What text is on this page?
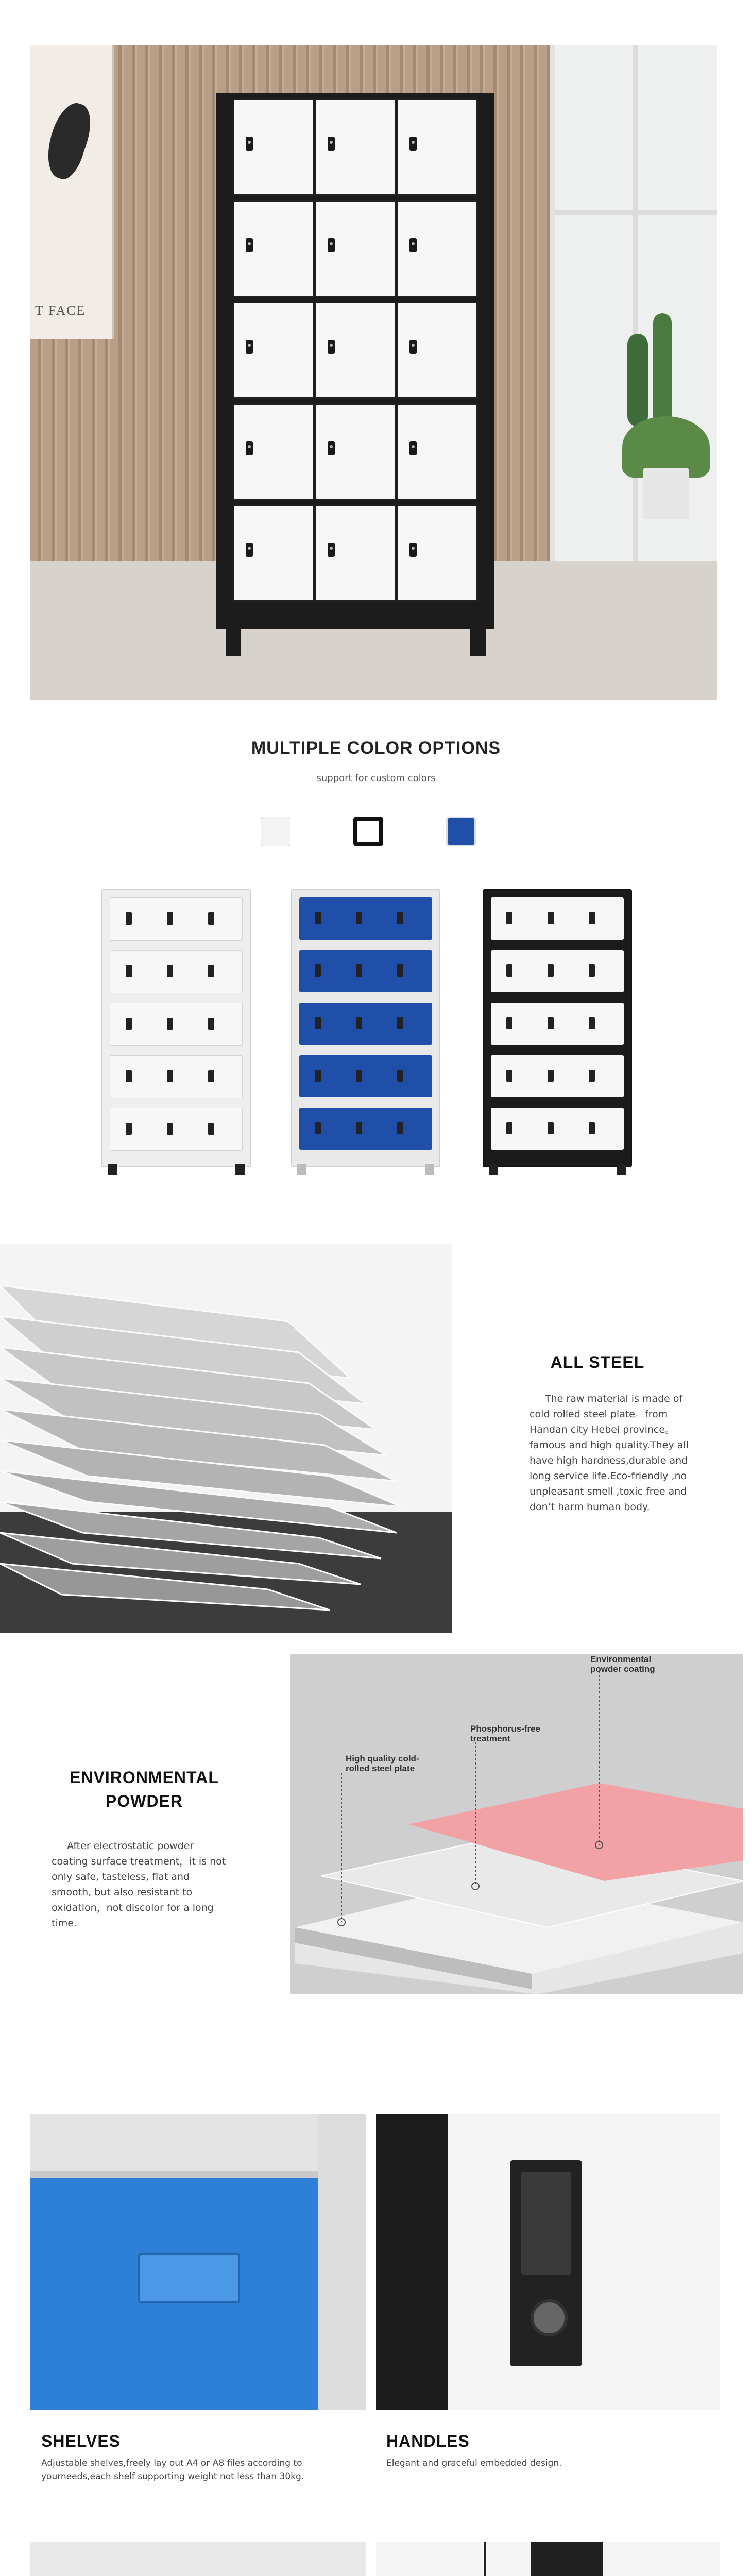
T FACE
MULTIPLE COLOR OPTIONS
support for custom colors
ALL STEEL
The raw material is made of cold rolled steel plate。from Handan city Hebei province。famous and high quality.They all have high hardness,durable and long service life.Eco-friendly ,no unpleasant smell ,toxic free and don’t harm human body.
ENVIRONMENTAL
POWDER
After electrostatic powder coating surface treatment，it is not only safe, tasteless, flat and smooth, but also resistant to oxidation，not discolor for a long time.
Environmental
powder coating
Phosphorus-free
treatment
High quality cold-
rolled steel plate
SHELVES
Adjustable shelves,freely lay out A4 or A8 files according to yourneeds,each shelf supporting weight not less than 30kg.
HANDLES
Elegant and graceful embedded design.
